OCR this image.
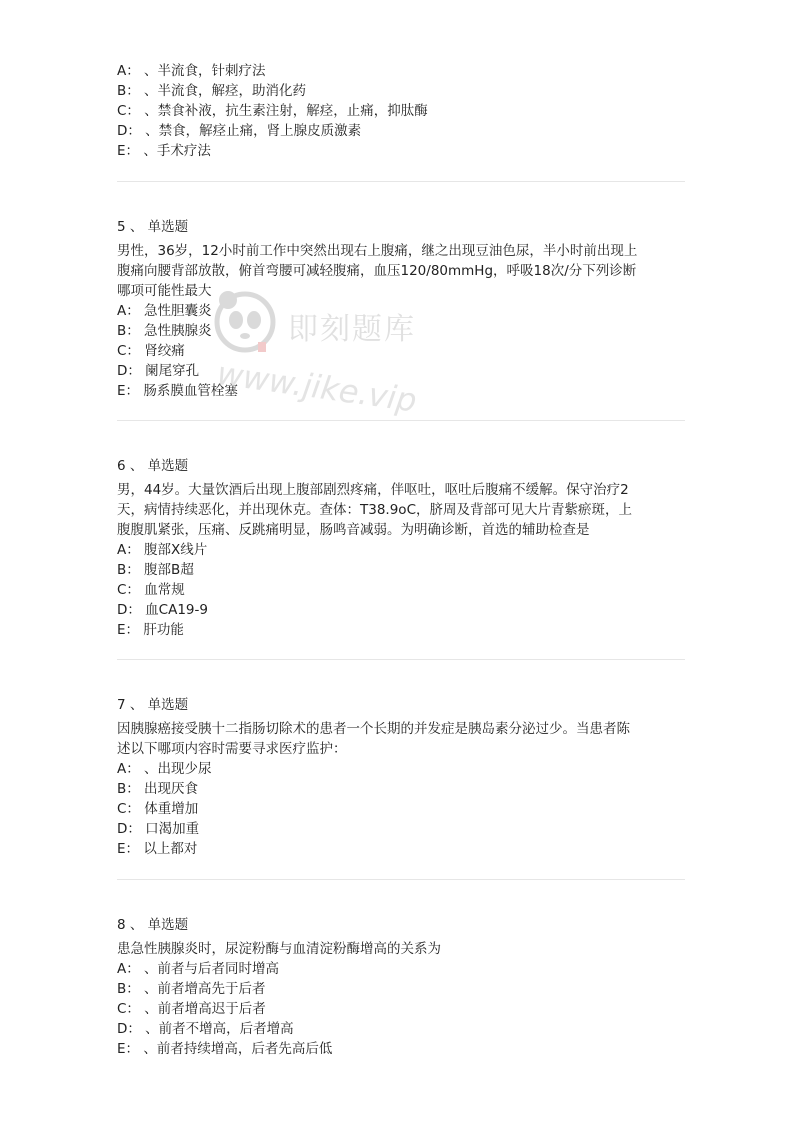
A： 、半流食，针刺疗法
B： 、半流食，解痉，助消化药
C： 、禁食补液，抗生素注射，解痉，止痛，抑肽酶
D： 、禁食，解痉止痛，肾上腺皮质激素
E： 、手术疗法
5 、 单选题
男性，36岁，12小时前工作中突然出现右上腹痛，继之出现豆油色尿，半小时前出现上
腹痛向腰背部放散，俯首弯腰可减轻腹痛，血压120/80mmHg，呼吸18次/分下列诊断
哪项可能性最大
A： 急性胆囊炎
B： 急性胰腺炎
C： 肾绞痛
D： 阑尾穿孔
E： 肠系膜血管栓塞
6 、 单选题
男，44岁。大量饮酒后出现上腹部剧烈疼痛，伴呕吐，呕吐后腹痛不缓解。保守治疗2
天，病情持续恶化，并出现休克。查体：T38.9oC，脐周及背部可见大片青紫瘀斑，上
腹腹肌紧张，压痛、反跳痛明显，肠鸣音减弱。为明确诊断，首选的辅助检查是
A： 腹部X线片
B： 腹部B超
C： 血常规
D： 血CA19-9
E： 肝功能
7 、 单选题
因胰腺癌接受胰十二指肠切除术的患者一个长期的并发症是胰岛素分泌过少。当患者陈
述以下哪项内容时需要寻求医疗监护：
A： 、出现少尿
B： 出现厌食
C： 体重增加
D： 口渴加重
E： 以上都对
8 、 单选题
患急性胰腺炎时，尿淀粉酶与血清淀粉酶增高的关系为
A： 、前者与后者同时增高
B： 、前者增高先于后者
C： 、前者增高迟于后者
D： 、前者不增高，后者增高
E： 、前者持续增高，后者先高后低
即刻题库
www.jike.vip
